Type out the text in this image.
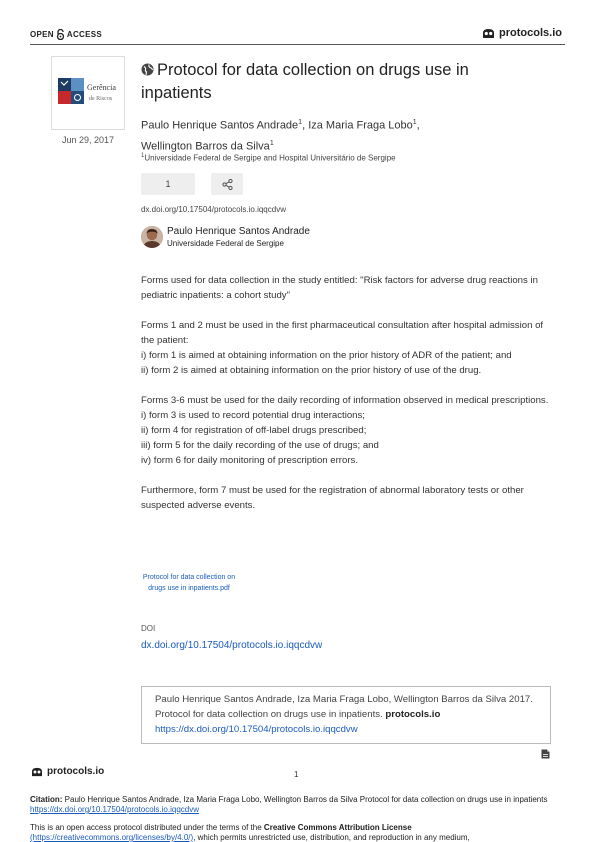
OPEN ACCESS	protocols.io
Gerência
de Riscos
Jun 29, 2017
Protocol for data collection on drugs use in inpatients
Paulo Henrique Santos Andrade$^1$, Iza Maria Fraga Lobo$^1$,
Wellington Barros da Silva$^1$
$^1$Universidade Federal de Sergipe and Hospital Universitário de Sergipe
1
dx.doi.org/10.17504/protocols.io.iqqcdvw
Paulo Henrique Santos Andrade
Universidade Federal de Sergipe

Forms used for data collection in the study entitled: "Risk factors for adverse drug reactions in pediatric inpatients: a cohort study"

Forms 1 and 2 must be used in the first pharmaceutical consultation after hospital admission of the patient:
i) form 1 is aimed at obtaining information on the prior history of ADR of the patient; and
ii) form 2 is aimed at obtaining information on the prior history of use of the drug.

Forms 3-6 must be used for the daily recording of information observed in medical prescriptions.
i) form 3 is used to record potential drug interactions;
ii) form 4 for registration of off-label drugs prescribed;
iii) form 5 for the daily recording of the use of drugs; and
iv) form 6 for daily monitoring of prescription errors.

Furthermore, form 7 must be used for the registration of abnormal laboratory tests or other suspected adverse events.

Protocol for data collection on drugs use in inpatients.pdf
DOI
dx.doi.org/10.17504/protocols.io.iqqcdvw
Paulo Henrique Santos Andrade, Iza Maria Fraga Lobo, Wellington Barros da Silva 2017. Protocol for data collection on drugs use in inpatients. protocols.io
https://dx.doi.org/10.17504/protocols.io.iqqcdvw
protocols.io	1
Citation: Paulo Henrique Santos Andrade, Iza Maria Fraga Lobo, Wellington Barros da Silva Protocol for data collection on drugs use in inpatients https://dx.doi.org/10.17504/protocols.io.iqqcdvw
This is an open access protocol distributed under the terms of the Creative Commons Attribution License
(https://creativecommons.org/licenses/by/4.0/), which permits unrestricted use, distribution, and reproduction in any medium,
